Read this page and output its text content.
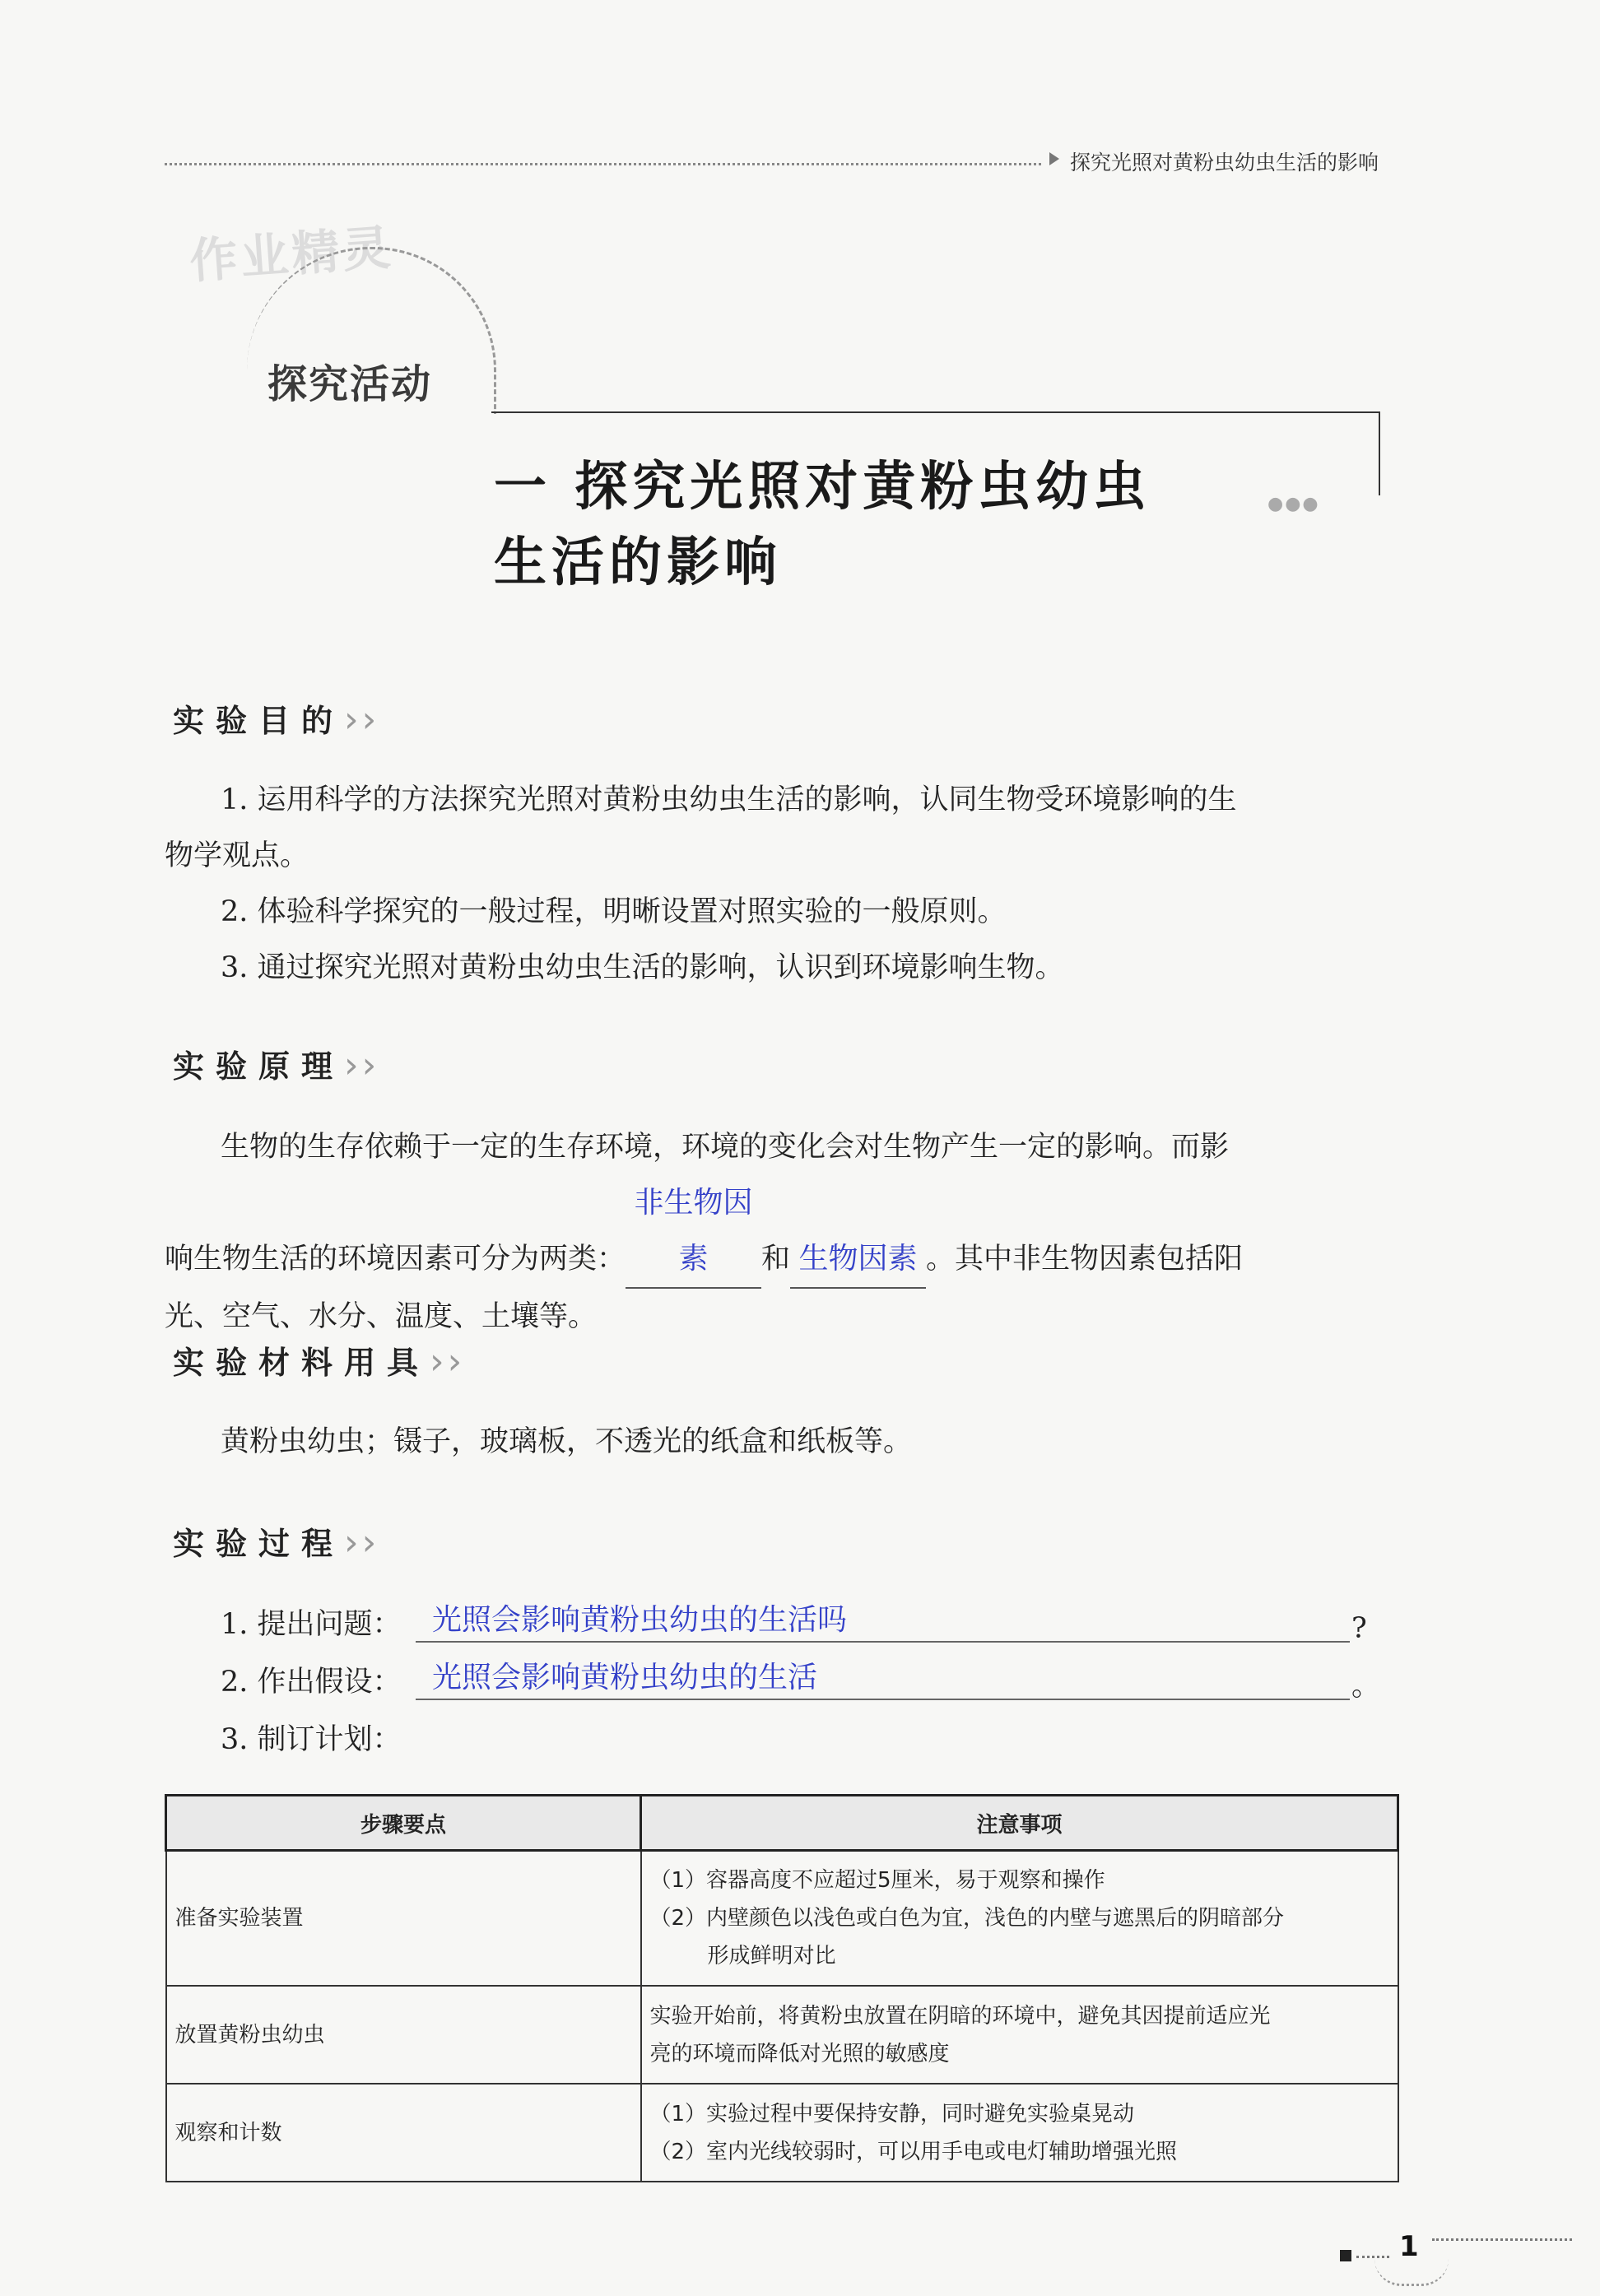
探究光照对黄粉虫幼虫生活的影响
作业精灵
探究活动
一 探究光照对黄粉虫幼虫	●●●
生活的影响
实验目的››
1. 运用科学的方法探究光照对黄粉虫幼虫生活的影响，认同生物受环境影响的生
物学观点。
2. 体验科学探究的一般过程，明晰设置对照实验的一般原则。
3. 通过探究光照对黄粉虫幼虫生活的影响，认识到环境影响生物。
实验原理››
生物的生存依赖于一定的生存环境，环境的变化会对生物产生一定的影响。而影
响生物生活的环境因素可分为两类：非生物因素 和 生物因素 。其中非生物因素包括阳
光、空气、水分、温度、土壤等。
实验材料用具››
黄粉虫幼虫；镊子，玻璃板，不透光的纸盒和纸板等。
实验过程››
1. 提出问题：	光照会影响黄粉虫幼虫的生活吗	?
2. 作出假设：	光照会影响黄粉虫幼虫的生活	。
3. 制订计划：
步骤要点	注意事项
准备实验装置	（1）容器高度不应超过5厘米，易于观察和操作
（2）内壁颜色以浅色或白色为宜，浅色的内壁与遮黑后的阴暗部分
形成鲜明对比

放置黄粉虫幼虫	实验开始前，将黄粉虫放置在阴暗的环境中，避免其因提前适应光
亮的环境而降低对光照的敏感度

观察和计数	（1）实验过程中要保持安静，同时避免实验桌晃动
（2）室内光线较弱时，可以用手电或电灯辅助增强光照
1
